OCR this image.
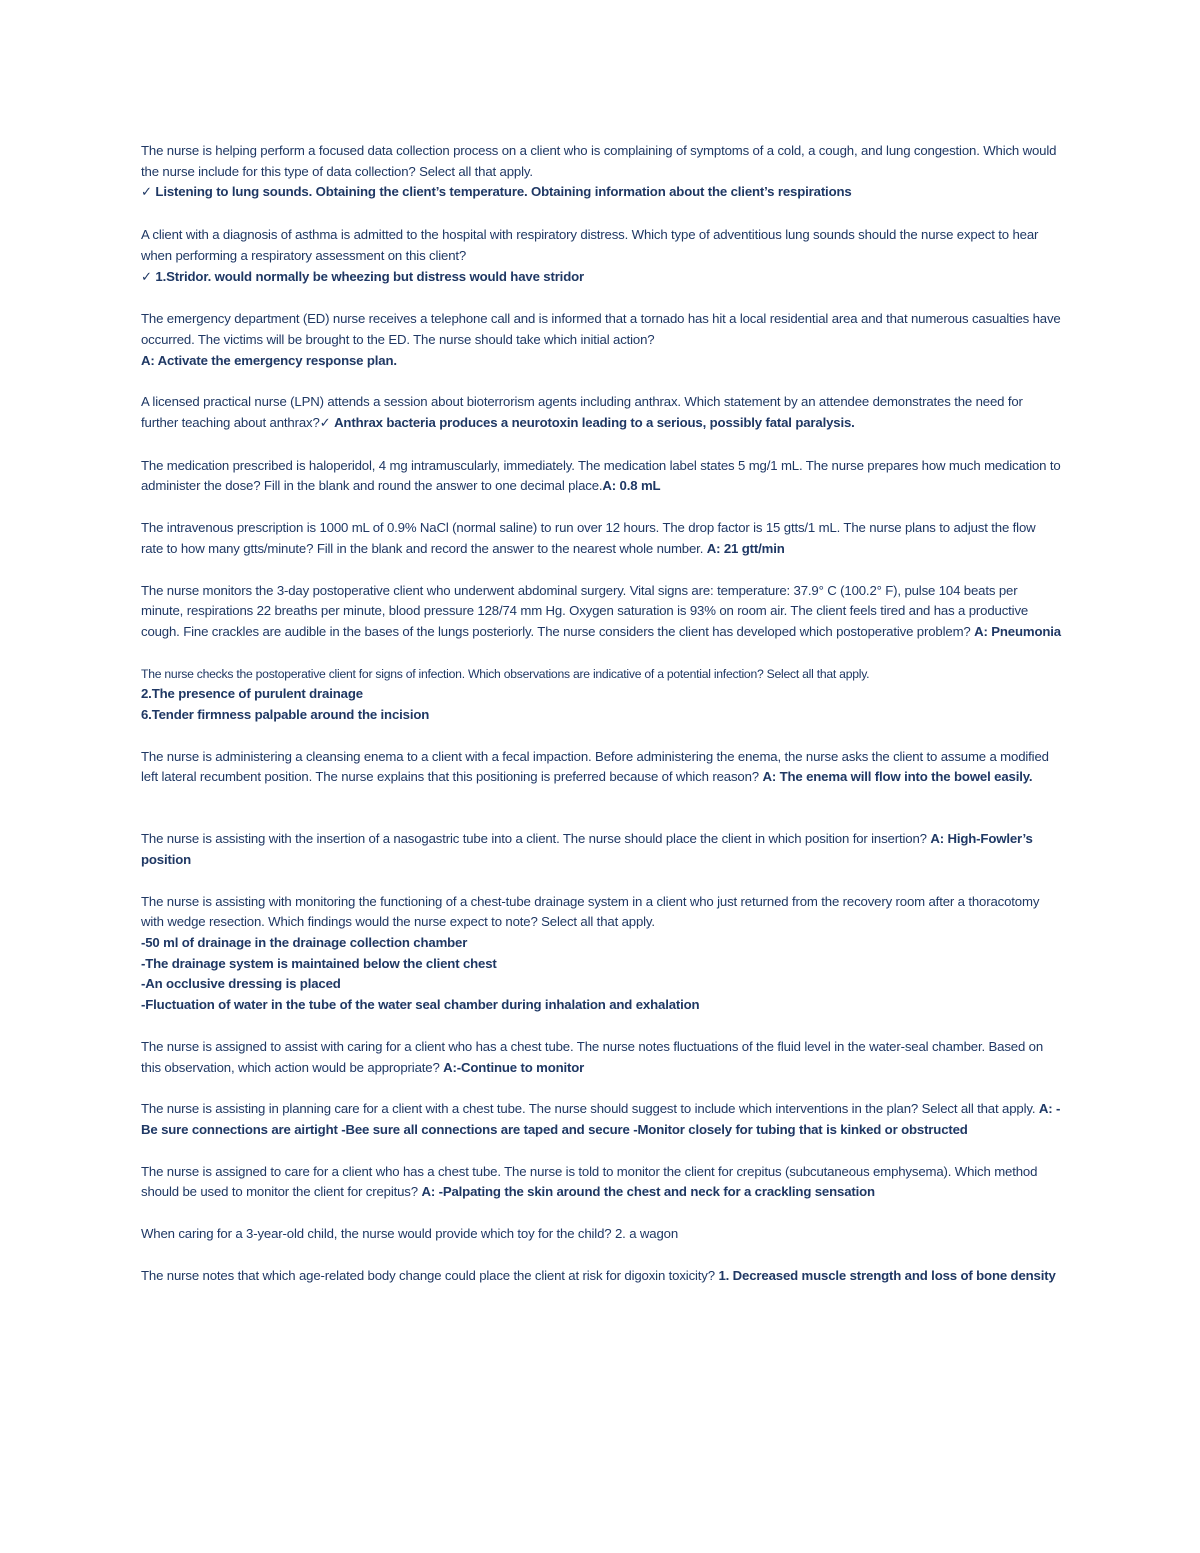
The nurse is helping perform a focused data collection process on a client who is complaining of symptoms of a cold, a cough, and lung congestion. Which would the nurse include for this type of data collection? Select all that apply.
✓ Listening to lung sounds. Obtaining the client’s temperature. Obtaining information about the client’s respirations
A client with a diagnosis of asthma is admitted to the hospital with respiratory distress. Which type of adventitious lung sounds should the nurse expect to hear when performing a respiratory assessment on this client?
✓ 1.Stridor. would normally be wheezing but distress would have stridor
The emergency department (ED) nurse receives a telephone call and is informed that a tornado has hit a local residential area and that numerous casualties have occurred. The victims will be brought to the ED. The nurse should take which initial action?
A: Activate the emergency response plan.
A licensed practical nurse (LPN) attends a session about bioterrorism agents including anthrax. Which statement by an attendee demonstrates the need for further teaching about anthrax?✓ Anthrax bacteria produces a neurotoxin leading to a serious, possibly fatal paralysis.
The medication prescribed is haloperidol, 4 mg intramuscularly, immediately. The medication label states 5 mg/1 mL. The nurse prepares how much medication to administer the dose? Fill in the blank and round the answer to one decimal place.A: 0.8 mL
The intravenous prescription is 1000 mL of 0.9% NaCl (normal saline) to run over 12 hours. The drop factor is 15 gtts/1 mL. The nurse plans to adjust the flow rate to how many gtts/minute? Fill in the blank and record the answer to the nearest whole number. A: 21 gtt/min
The nurse monitors the 3-day postoperative client who underwent abdominal surgery. Vital signs are: temperature: 37.9° C (100.2° F), pulse 104 beats per minute, respirations 22 breaths per minute, blood pressure 128/74 mm Hg. Oxygen saturation is 93% on room air. The client feels tired and has a productive cough. Fine crackles are audible in the bases of the lungs posteriorly. The nurse considers the client has developed which postoperative problem? A: Pneumonia
The nurse checks the postoperative client for signs of infection. Which observations are indicative of a potential infection? Select all that apply.
2.The presence of purulent drainage
6.Tender firmness palpable around the incision
The nurse is administering a cleansing enema to a client with a fecal impaction. Before administering the enema, the nurse asks the client to assume a modified left lateral recumbent position. The nurse explains that this positioning is preferred because of which reason? A: The enema will flow into the bowel easily.
The nurse is assisting with the insertion of a nasogastric tube into a client. The nurse should place the client in which position for insertion? A: High-Fowler’s position
The nurse is assisting with monitoring the functioning of a chest-tube drainage system in a client who just returned from the recovery room after a thoracotomy with wedge resection. Which findings would the nurse expect to note? Select all that apply.
-50 ml of drainage in the drainage collection chamber
-The drainage system is maintained below the client chest
-An occlusive dressing is placed
-Fluctuation of water in the tube of the water seal chamber during inhalation and exhalation
The nurse is assigned to assist with caring for a client who has a chest tube. The nurse notes fluctuations of the fluid level in the water-seal chamber. Based on this observation, which action would be appropriate? A:-Continue to monitor
The nurse is assisting in planning care for a client with a chest tube. The nurse should suggest to include which interventions in the plan? Select all that apply. A: -Be sure connections are airtight -Bee sure all connections are taped and secure -Monitor closely for tubing that is kinked or obstructed
The nurse is assigned to care for a client who has a chest tube. The nurse is told to monitor the client for crepitus (subcutaneous emphysema). Which method should be used to monitor the client for crepitus? A: -Palpating the skin around the chest and neck for a crackling sensation
When caring for a 3-year-old child, the nurse would provide which toy for the child? 2. a wagon
The nurse notes that which age-related body change could place the client at risk for digoxin toxicity? 1. Decreased muscle strength and loss of bone density
